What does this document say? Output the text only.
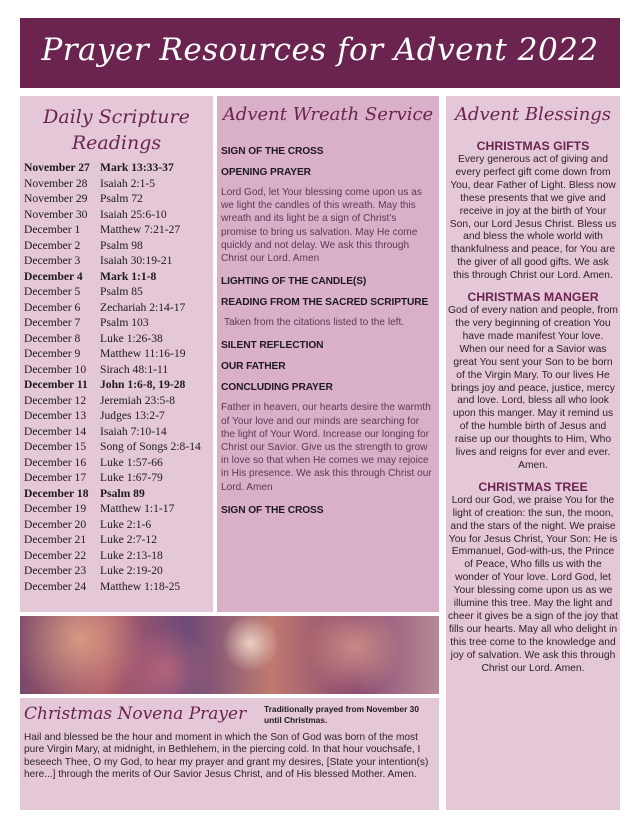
Prayer Resources for Advent 2022
Daily Scripture Readings
November 27 Mark 13:33-37
November 28 Isaiah 2:1-5
November 29 Psalm 72
November 30 Isaiah 25:6-10
December 1 Matthew 7:21-27
December 2 Psalm 98
December 3 Isaiah 30:19-21
December 4 Mark 1:1-8
December 5 Psalm 85
December 6 Zechariah 2:14-17
December 7 Psalm 103
December 8 Luke 1:26-38
December 9 Matthew 11:16-19
December 10 Sirach 48:1-11
December 11 John 1:6-8, 19-28
December 12 Jeremiah 23:5-8
December 13 Judges 13:2-7
December 14 Isaiah 7:10-14
December 15 Song of Songs 2:8-14
December 16 Luke 1:57-66
December 17 Luke 1:67-79
December 18 Psalm 89
December 19 Matthew 1:1-17
December 20 Luke 2:1-6
December 21 Luke 2:7-12
December 22 Luke 2:13-18
December 23 Luke 2:19-20
December 24 Matthew 1:18-25
Advent Wreath Service
SIGN OF THE CROSS
OPENING PRAYER
Lord God, let Your blessing come upon us as we light the candles of this wreath. May this wreath and its light be a sign of Christ’s promise to bring us salvation. May He come quickly and not delay. We ask this through Christ our Lord. Amen
LIGHTING OF THE CANDLE(S)
READING FROM THE SACRED SCRIPTURE
Taken from the citations listed to the left.
SILENT REFLECTION
OUR FATHER
CONCLUDING PRAYER
Father in heaven, our hearts desire the warmth of Your love and our minds are searching for the light of Your Word. Increase our longing for Christ our Savior. Give us the strength to grow in love so that when He comes we may rejoice in His presence. We ask this through Christ our Lord. Amen
SIGN OF THE CROSS
Advent Blessings
CHRISTMAS GIFTS
Every generous act of giving and every perfect gift come down from You, dear Father of Light. Bless now these presents that we give and receive in joy at the birth of Your Son, our Lord Jesus Christ. Bless us and bless the whole world with thankfulness and peace, for You are the giver of all good gifts. We ask this through Christ our Lord. Amen.
CHRISTMAS MANGER
God of every nation and people, from the very beginning of creation You have made manifest Your love. When our need for a Savior was great You sent your Son to be born of the Virgin Mary. To our lives He brings joy and peace, justice, mercy and love. Lord, bless all who look upon this manger. May it remind us of the humble birth of Jesus and raise up our thoughts to Him, Who lives and reigns for ever and ever. Amen.
CHRISTMAS TREE
Lord our God, we praise You for the light of creation: the sun, the moon, and the stars of the night. We praise You for Jesus Christ, Your Son: He is Emmanuel, God-with-us, the Prince of Peace, Who fills us with the wonder of Your love. Lord God, let Your blessing come upon us as we illumine this tree. May the light and cheer it gives be a sign of the joy that fills our hearts. May all who delight in this tree come to the knowledge and joy of salvation. We ask this through Christ our Lord. Amen.
Christmas Novena Prayer Traditionally prayed from November 30 until Christmas.
Hail and blessed be the hour and moment in which the Son of God was born of the most pure Virgin Mary, at midnight, in Bethlehem, in the piercing cold. In that hour vouchsafe, I beseech Thee, O my God, to hear my prayer and grant my desires, [State your intention(s) here...] through the merits of Our Savior Jesus Christ, and of His blessed Mother. Amen.
